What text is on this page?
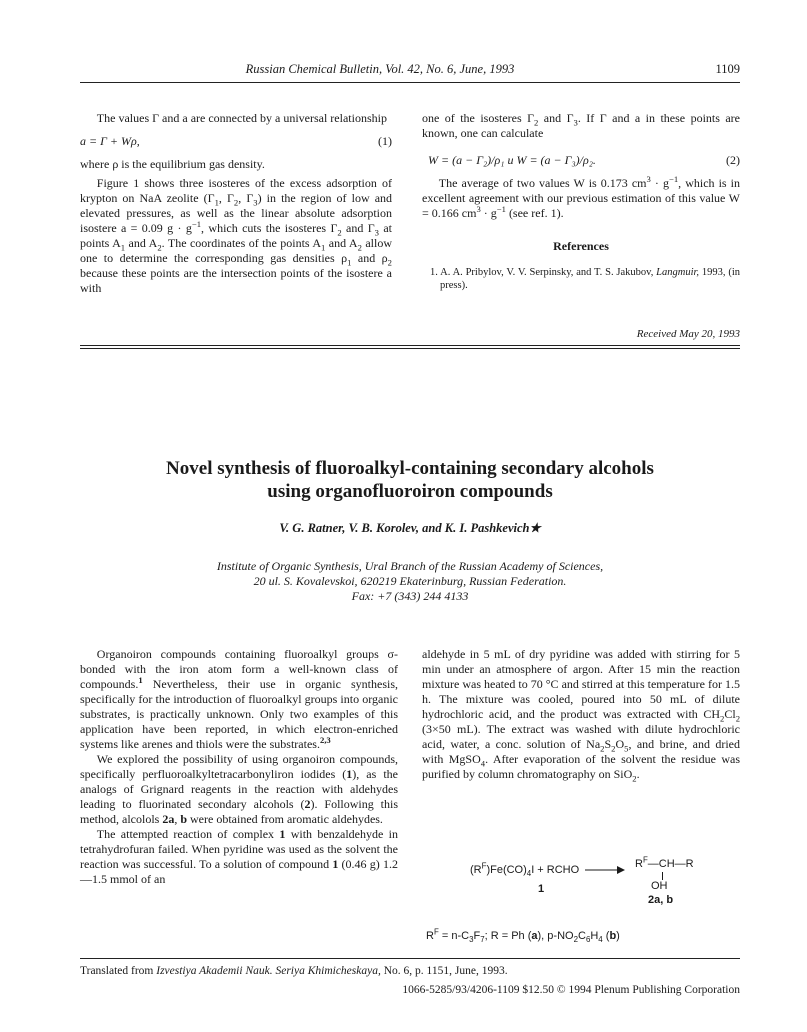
Russian Chemical Bulletin, Vol. 42, No. 6, June, 1993	1109

The values Γ and a are connected by a universal relationship

a = Γ + Wρ,	(1)

where ρ is the equilibrium gas density.

Figure 1 shows three isosteres of the excess adsorption of krypton on NaA zeolite ($\Gamma_1$, $\Gamma_2$, $\Gamma_3$) in the region of low and elevated pressures, as well as the linear absolute adsorption isostere a = 0.09 $g \cdot g^{-1}$, which cuts the isosteres $\Gamma_2$ and $\Gamma_3$ at points $A_1$ and $A_2$. The coordinates of the points $A_1$ and $A_2$ allow one to determine the corresponding gas densities $\rho_1$ and $\rho_2$ because these points are the intersection points of the isostere a with

one of the isosteres $\Gamma_2$ and $\Gamma_3$. If Γ and a in these points are known, one can calculate

W = (a − Γ₂)/ρ₁ и W = (a − Γ₃)/ρ₂.	(2)

The average of two values W is 0.173 $cm^3 \cdot g^{-1}$, which is in excellent agreement with our previous estimation of this value W = 0.166 $cm^3 \cdot g^{-1}$ (see ref. 1).

References
1. A. A. Pribylov, V. V. Serpinsky, and T. S. Jakubov, Langmuir, 1993, (in press).
Received May 20, 1993
Novel synthesis of fluoroalkyl-containing secondary alcohols
using organofluoroiron compounds
V. G. Ratner, V. B. Korolev, and K. I. Pashkevich★
Institute of Organic Synthesis, Ural Branch of the Russian Academy of Sciences,
20 ul. S. Kovalevskoi, 620219 Ekaterinburg, Russian Federation.
Fax: +7 (343) 244 4133

Organoiron compounds containing fluoroalkyl groups σ-bonded with the iron atom form a well-known class of compounds.$^1$ Nevertheless, their use in organic synthesis, specifically for the introduction of fluoroalkyl groups into organic substrates, is practically unknown. Only two examples of this application have been reported, in which electron-enriched systems like arenes and thiols were the substrates.$^{2,3}$

We explored the possibility of using organoiron compounds, specifically perfluoroalkyltetracarbonyliron iodides (1), as the analogs of Grignard reagents in the reaction with aldehydes leading to fluorinated secondary alcohols (2). Following this method, alcolols 2a, b were obtained from aromatic aldehydes.

The attempted reaction of complex 1 with benzaldehyde in tetrahydrofuran failed. When pyridine was used as the solvent the reaction was successful. To a solution of compound 1 (0.46 g) 1.2—1.5 mmol of an

aldehyde in 5 mL of dry pyridine was added with stirring for 5 min under an atmosphere of argon. After 15 min the reaction mixture was heated to 70 °C and stirred at this temperature for 1.5 h. The mixture was cooled, poured into 50 mL of dilute hydrochloric acid, and the product was extracted with $CH_2Cl_2$ (3×50 mL). The extract was washed with dilute hydrochloric acid, water, a conc. solution of $Na_2S_2O_5$, and brine, and dried with MgSO$_4$. After evaporation of the solvent the residue was purified by column chromatography on SiO$_2$.

$(R^F)Fe(CO)_4I$ + RCHO → $R^F—CH—R$
OH
1
2a, b
$R^F = n-C_3F_7$; R = Ph (a), $p-NO_2C_6H_4$ (b)
Translated from Izvestiya Akademii Nauk. Seriya Khimicheskaya, No. 6, p. 1151, June, 1993.
1066-5285/93/4206-1109 $12.50 © 1994 Plenum Publishing Corporation
